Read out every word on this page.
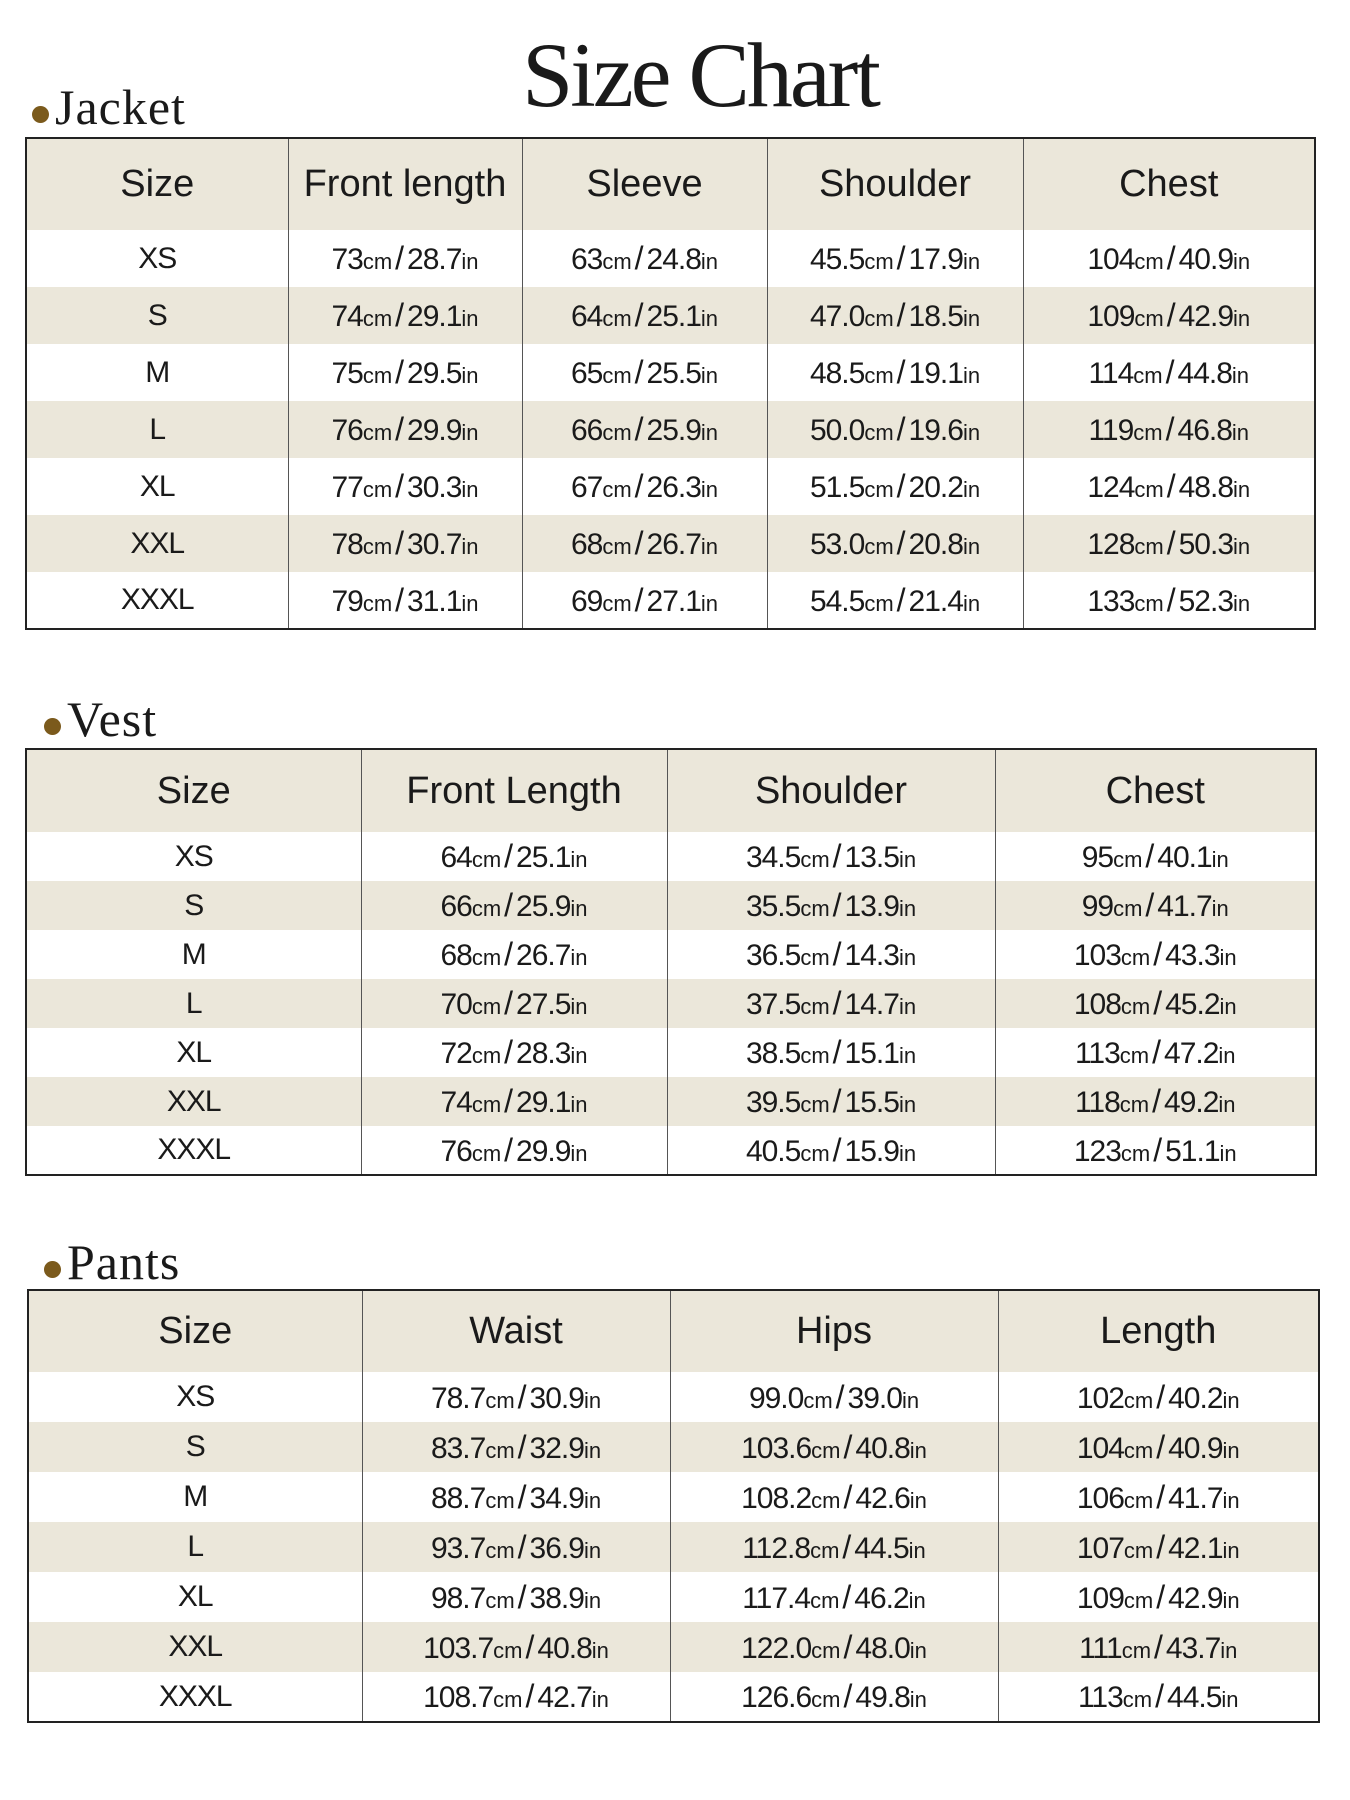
Size Chart
Jacket
Size	Front length	Sleeve	Shoulder	Chest
XS	73cm/ 28.7in	63cm/ 24.8in	45.5cm/ 17.9in	104cm/ 40.9in
S	74cm/ 29.1in	64cm/ 25.1in	47.0cm/ 18.5in	109cm/ 42.9in
M	75cm/ 29.5in	65cm/ 25.5in	48.5cm/ 19.1in	114cm/ 44.8in
L	76cm/ 29.9in	66cm/ 25.9in	50.0cm/ 19.6in	119cm/ 46.8in
XL	77cm/ 30.3in	67cm/ 26.3in	51.5cm/ 20.2in	124cm/ 48.8in
XXL	78cm/ 30.7in	68cm/ 26.7in	53.0cm/ 20.8in	128cm/ 50.3in
XXXL	79cm/ 31.1in	69cm/ 27.1in	54.5cm/ 21.4in	133cm/ 52.3in
Vest
Size	Front Length	Shoulder	Chest
XS	64cm/ 25.1in	34.5cm/ 13.5in	95cm/ 40.1in
S	66cm/ 25.9in	35.5cm/ 13.9in	99cm/ 41.7in
M	68cm/ 26.7in	36.5cm/ 14.3in	103cm/ 43.3in
L	70cm/ 27.5in	37.5cm/ 14.7in	108cm/ 45.2in
XL	72cm/ 28.3in	38.5cm/ 15.1in	113cm/ 47.2in
XXL	74cm/ 29.1in	39.5cm/ 15.5in	118cm/ 49.2in
XXXL	76cm/ 29.9in	40.5cm/ 15.9in	123cm/ 51.1in
Pants
Size	Waist	Hips	Length
XS	78.7cm/ 30.9in	99.0cm/ 39.0in	102cm/ 40.2in
S	83.7cm/ 32.9in	103.6cm/ 40.8in	104cm/ 40.9in
M	88.7cm/ 34.9in	108.2cm/ 42.6in	106cm/ 41.7in
L	93.7cm/ 36.9in	112.8cm/ 44.5in	107cm/ 42.1in
XL	98.7cm/ 38.9in	117.4cm/ 46.2in	109cm/ 42.9in
XXL	103.7cm/ 40.8in	122.0cm/ 48.0in	111cm/ 43.7in
XXXL	108.7cm/ 42.7in	126.6cm/ 49.8in	113cm/ 44.5in
